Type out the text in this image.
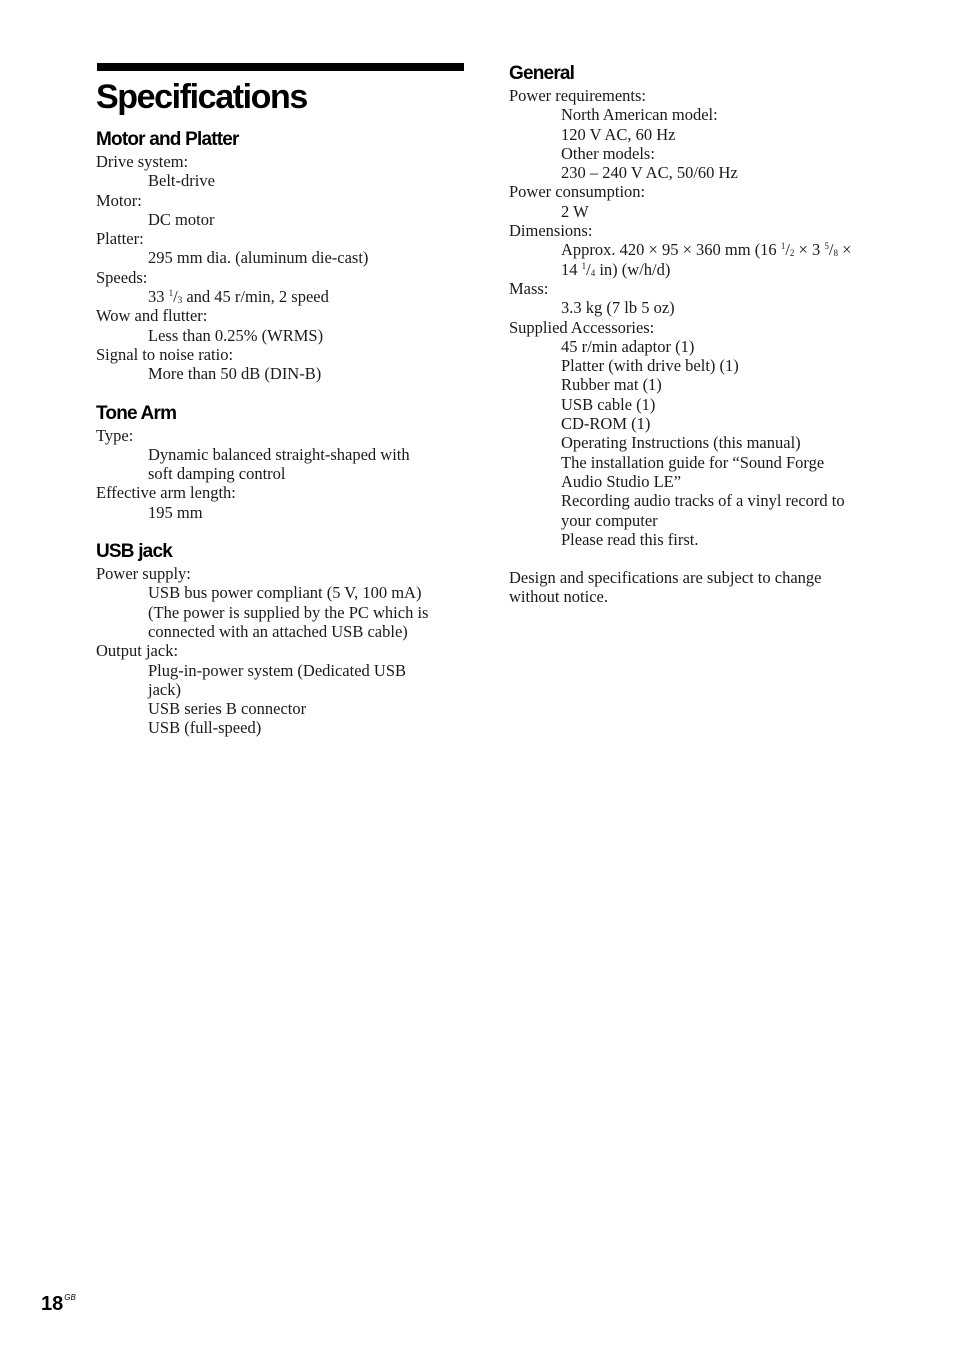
Specifications
Motor and Platter
Drive system:
Belt-drive
Motor:
DC motor
Platter:
295 mm dia. (aluminum die-cast)
Speeds:
33 $^1/_3$ and 45 r/min, 2 speed
Wow and flutter:
Less than 0.25% (WRMS)
Signal to noise ratio:
More than 50 dB (DIN-B)
Tone Arm
Type:
Dynamic balanced straight-shaped with
soft damping control
Effective arm length:
195 mm
USB jack
Power supply:
USB bus power compliant (5 V, 100 mA)
(The power is supplied by the PC which is
connected with an attached USB cable)
Output jack:
Plug-in-power system (Dedicated USB
jack)
USB series B connector
USB (full-speed)
General
Power requirements:
North American model:
120 V AC, 60 Hz
Other models:
230 – 240 V AC, 50/60 Hz
Power consumption:
2 W
Dimensions:
Approx. 420 × 95 × 360 mm (16 $^1/_2 \times 3$ $^5/_8$ ×
14 $^1/_4$ in) (w/h/d)
Mass:
3.3 kg (7 lb 5 oz)
Supplied Accessories:
45 r/min adaptor (1)
Platter (with drive belt) (1)
Rubber mat (1)
USB cable (1)
CD-ROM (1)
Operating Instructions (this manual)
The installation guide for “Sound Forge
Audio Studio LE”
Recording audio tracks of a vinyl record to
your computer
Please read this first.
Design and specifications are subject to change
without notice.
$18^{GB}$
